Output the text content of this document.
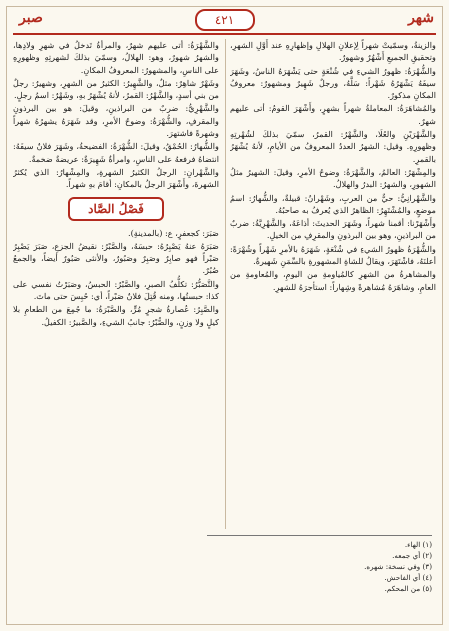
شهر
٤٢١
صبر

والزينةُ، وسمّيتْ شهراً لِإعلانِ الهلالِ وإظهارِهِ عند أَوَّلِ الشهرِ، وتحقيقِ الجميعِ أَشْهُرٌ وشهورٌ.

والشُّهْرَةُ: ظهورُ الشيءِ في شُنْعَةٍ حتى يَشْهَرَهُ الناسُ، وشَهَرَ سيفَهُ يَشْهَرُهُ شَهْراً: سَلَّهُ، ورجلٌ شَهِيرٌ ومشهورٌ: معروفُ المكانِ مذكورٌ.

والمُشاهَرَةُ: المعاملةُ شهراً بشهرٍ، وأَشْهَرَ القومُ: أتى عليهم شهرٌ.

والشَّهْرَيْنِ والعُلَا، والشَّهْرُ: القمرُ، سمّيَ بذلكَ لشُهْرتِهِ وظهورِهِ. وقيل: الشهرُ العددُ المعروفُ من الأيامِ، لأنهُ يُشْهَرُ بالقمرِ.

والمِشْهَرُ: العالمُ، والشَّهْرَةُ: وضوحُ الأمرِ، وقيلَ: الشهيرُ مثلُ الشهورِ، والشهرُ: البدرُ والهلالُ.

والشَّهْرانِيُّ: حيٌّ من العربِ، وشَهْرانُ: قبيلةٌ، والشُّهارُ: اسمُ موضعٍ، والمُشْتَهِرُ: الظاهرُ الذي يُعرفُ به صاحبُهُ.

وأَشْهَرْنا: أقمنا شهراً، وشَهَرَ الحديثَ: أذاعَهُ، والشَّهْرِيَّةُ: ضربٌ من البراذينِ، وهو بين البرذونِ والمقرِفِ من الخيلِ.

والشُّهْرَةُ ظهورُ الشيءِ في شُنْعَةٍ، شَهَرَهُ بالأمرِ شَهْراً وشُهْرَةً: أعلنَهُ، فاشْتَهَرَ، ويقالُ للشاةِ المشهورةِ بالسِّمَنِ شَهيرةٌ.

والمشاهرةُ من الشهرِ كالمُياومةِ من اليومِ، والمُعاومةِ من العامِ، وشاهَرَهُ مُشاهرةً وشِهاراً: استأجرَهُ للشهرِ.

والشَّهْرَةُ: أتى عليهم شهرٌ، والمرأةُ تَدخلُ في شهرِ ولادِها، والشهرُ شهورٌ، وهو: الهلالُ، وسمّيَ بذلكَ لشهرتِهِ وظهورِهِ على الناسِ، والمشهورُ: المعروفُ المكانِ.

وشَهْرٌ شاهِرٌ: مثلٌ، والشَّهِيرُ: الكثيرُ من الشهرِ، وشهيرٌ: رجلٌ من بني أسدٍ، والشَّهْرُ: القمرُ، لأنهُ يُشْهَرُ بهِ، وشَهْرٌ: اسمُ رجلٍ.

والشَّهْرِيُّ: ضربٌ من البراذينِ، وقيلَ: هو بين البرذونِ والمقرفِ، والشُّهْرَةُ: وضوحُ الأمرِ، وقد شَهَرَهُ يشهرُهُ شهراً وشهرةً فاشتهرَ.

والشُّهارُ: الحُمْقُ، وقيلَ: الشُّهْرَةُ: الفضيحةُ، وشَهَرَ فلانٌ سيفَهُ: انتضاهُ فرفعهُ على الناسِ، وامرأةٌ شَهِيرَةٌ: عريضةٌ ضخمةٌ.

والشَّهْرانِ: الرجلُ الكثيرُ الشهرةِ، والمِشْهارُ: الذي يُكثرُ الشهرةَ، وأَشْهَرَ الرجلُ بالمكانِ: أقامَ بهِ شهراً.

فَصْلُ الصَّاد

صَبَرَ: كجعفرٍ، ع: (بالمدينةِ).

صَبَرَهُ عنهُ يَصْبِرُهُ: حبسَهُ، والصَّبْرُ: نقيضُ الجزعِ، صَبَرَ يَصْبِرُ صَبْراً فهو صابِرٌ وصَبِرٌ وصَبُورٌ، والأنثى صَبُورٌ أيضاً، والجمعُ صُبُرٌ.

والتَّصَبُّرُ: تكلُّفُ الصبرِ، والصَّبْرُ: الحبسُ، وصَبَرْتُ نفسي على كذا: حبستُها، ومنه قُتِلَ فلانٌ صَبْراً، أي: حُبِسَ حتى ماتَ.

والصَّبِرُ: عُصارةُ شجرٍ مُرٍّ، والصَّبْرَةُ: ما جُمِعَ من الطعامِ بلا كيلٍ ولا وزنٍ، والصُّبْرُ: جانبُ الشيءِ، والصَّبيرُ: الكفيلُ.

(١) الهاء.

(٢) أي جمعه.

(٣) وفي نسخة: شهره.

(٤) أي الفاحش.

(٥) من المحكم.
